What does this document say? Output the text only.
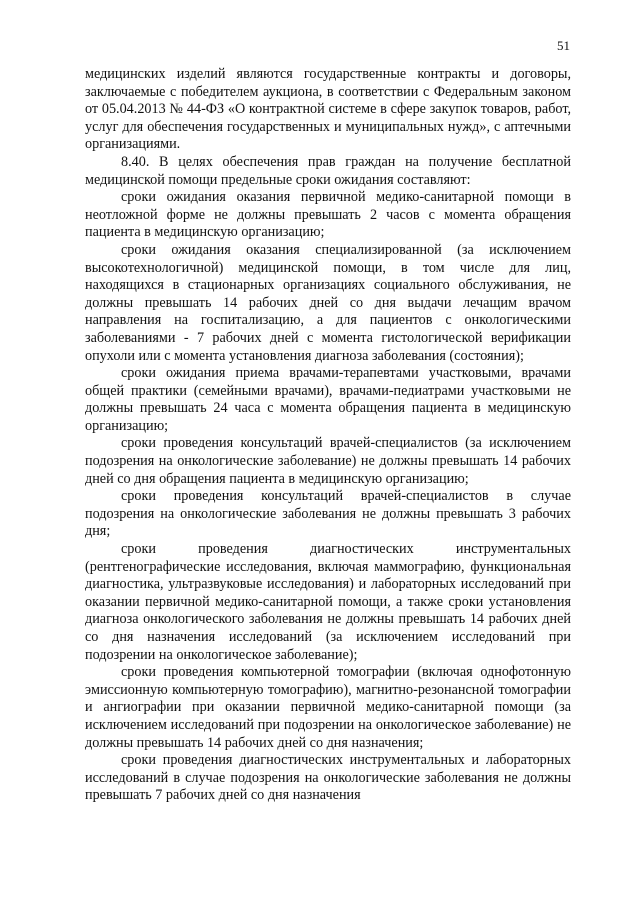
51

медицинских изделий являются государственные контракты и договоры, заключаемые с победителем аукциона, в соответствии с Федеральным законом от 05.04.2013 № 44-ФЗ «О контрактной системе в сфере закупок товаров, работ, услуг для обеспечения государственных и муниципальных нужд», с аптечными организациями.

8.40. В целях обеспечения прав граждан на получение бесплатной медицинской помощи предельные сроки ожидания составляют:

сроки ожидания оказания первичной медико-санитарной помощи в неотложной форме не должны превышать 2 часов с момента обращения пациента в медицинскую организацию;

сроки ожидания оказания специализированной (за исключением высокотехнологичной) медицинской помощи, в том числе для лиц, находящихся в стационарных организациях социального обслуживания, не должны превышать 14 рабочих дней со дня выдачи лечащим врачом направления на госпитализацию, а для пациентов с онкологическими заболеваниями - 7 рабочих дней с момента гистологической верификации опухоли или с момента установления диагноза заболевания (состояния);

сроки ожидания приема врачами-терапевтами участковыми, врачами общей практики (семейными врачами), врачами-педиатрами участковыми не должны превышать 24 часа с момента обращения пациента в медицинскую организацию;

сроки проведения консультаций врачей-специалистов (за исключением подозрения на онкологические заболевание) не должны превышать 14 рабочих дней со дня обращения пациента в медицинскую организацию;

сроки проведения консультаций врачей-специалистов в случае подозрения на онкологические заболевания не должны превышать 3 рабочих дня;

сроки проведения диагностических инструментальных (рентгенографические исследования, включая маммографию, функциональная диагностика, ультразвуковые исследования) и лабораторных исследований при оказании первичной медико-санитарной помощи, а также сроки установления диагноза онкологического заболевания не должны превышать 14 рабочих дней со дня назначения исследований (за исключением исследований при подозрении на онкологическое заболевание);

сроки проведения компьютерной томографии (включая однофотонную эмиссионную компьютерную томографию), магнитно-резонансной томографии и ангиографии при оказании первичной медико-санитарной помощи (за исключением исследований при подозрении на онкологическое заболевание) не должны превышать 14 рабочих дней со дня назначения;

сроки проведения диагностических инструментальных и лабораторных исследований в случае подозрения на онкологические заболевания не должны превышать 7 рабочих дней со дня назначения
